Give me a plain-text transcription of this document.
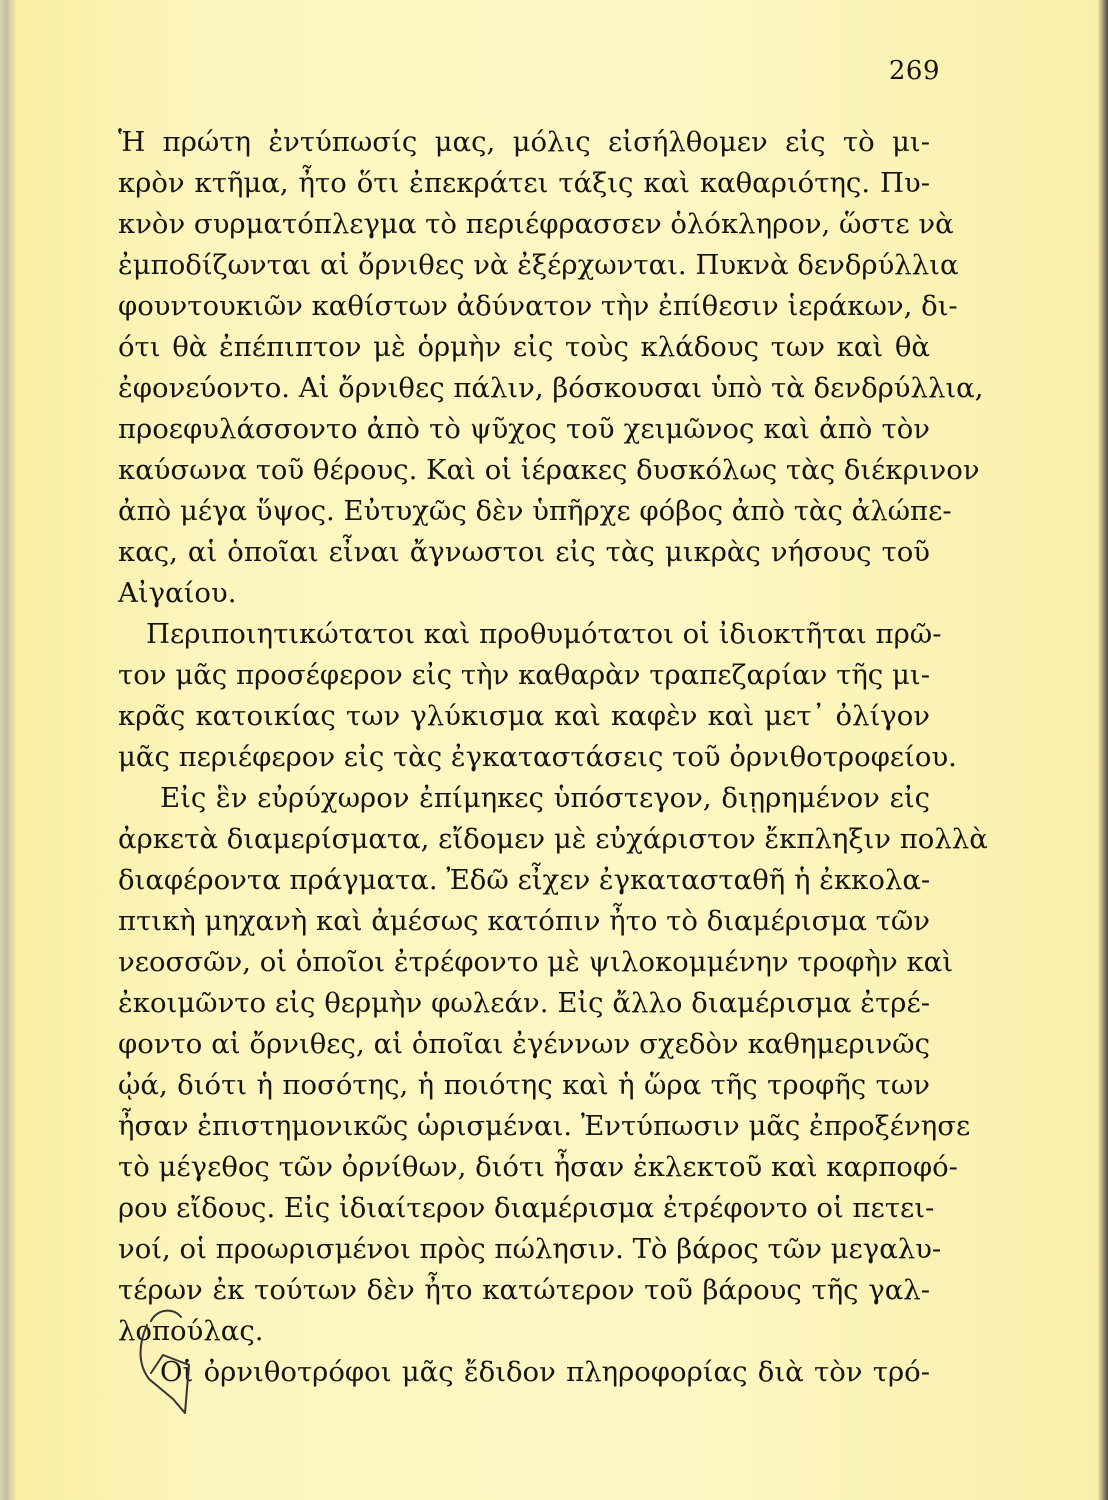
269
Ἡ πρώτη ἐντύπωσίς μας, μόλις εἰσήλθομεν εἰς τὸ μι-
κρὸν κτῆμα, ἦτο ὅτι ἐπεκράτει τάξις καὶ καθαριότης. Πυ-
κνὸν συρματόπλεγμα τὸ περιέφρασσεν ὁλόκληρον, ὥστε νὰ
ἐμποδίζωνται αἱ ὄρνιθες νὰ ἐξέρχωνται. Πυκνὰ δενδρύλλια
φουντουκιῶν καθίστων ἀδύνατον τὴν ἐπίθεσιν ἱεράκων, δι-
ότι θὰ ἐπέπιπτον μὲ ὁρμὴν εἰς τοὺς κλάδους των καὶ θὰ
ἐφονεύοντο. Αἱ ὄρνιθες πάλιν, βόσκουσαι ὑπὸ τὰ δενδρύλλια,
προεφυλάσσοντο ἀπὸ τὸ ψῦχος τοῦ χειμῶνος καὶ ἀπὸ τὸν
καύσωνα τοῦ θέρους. Καὶ οἱ ἱέρακες δυσκόλως τὰς διέκρινον
ἀπὸ μέγα ὕψος. Εὐτυχῶς δὲν ὑπῆρχε φόβος ἀπὸ τὰς ἀλώπε-
κας, αἱ ὁποῖαι εἶναι ἄγνωστοι εἰς τὰς μικρὰς νήσους τοῦ
Αἰγαίου.
Περιποιητικώτατοι καὶ προθυμότατοι οἱ ἰδιοκτῆται πρῶ-
τον μᾶς προσέφερον εἰς τὴν καθαρὰν τραπεζαρίαν τῆς μι-
κρᾶς κατοικίας των γλύκισμα καὶ καφὲν καὶ μετ᾽ ὀλίγον
μᾶς περιέφερον εἰς τὰς ἐγκαταστάσεις τοῦ ὀρνιθοτροφείου.
Εἰς ἓν εὐρύχωρον ἐπίμηκες ὑπόστεγον, διῃρημένον εἰς
ἀρκετὰ διαμερίσματα, εἴδομεν μὲ εὐχάριστον ἔκπληξιν πολλὰ
διαφέροντα πράγματα. Ἐδῶ εἶχεν ἐγκατασταθῆ ἡ ἐκκολα-
πτικὴ μηχανὴ καὶ ἀμέσως κατόπιν ἦτο τὸ διαμέρισμα τῶν
νεοσσῶν, οἱ ὁποῖοι ἐτρέφοντο μὲ ψιλοκομμένην τροφὴν καὶ
ἐκοιμῶντο εἰς θερμὴν φωλεάν. Εἰς ἄλλο διαμέρισμα ἐτρέ-
φοντο αἱ ὄρνιθες, αἱ ὁποῖαι ἐγέννων σχεδὸν καθημερινῶς
ᾠά, διότι ἡ ποσότης, ἡ ποιότης καὶ ἡ ὥρα τῆς τροφῆς των
ἦσαν ἐπιστημονικῶς ὡρισμέναι. Ἐντύπωσιν μᾶς ἐπροξένησε
τὸ μέγεθος τῶν ὀρνίθων, διότι ἦσαν ἐκλεκτοῦ καὶ καρποφό-
ρου εἴδους. Εἰς ἰδιαίτερον διαμέρισμα ἐτρέφοντο οἱ πετει-
νοί, οἱ προωρισμένοι πρὸς πώλησιν. Τὸ βάρος τῶν μεγαλυ-
τέρων ἐκ τούτων δὲν ἦτο κατώτερον τοῦ βάρους τῆς γαλ-
λοπούλας.
Οἱ ὀρνιθοτρόφοι μᾶς ἔδιδον πληροφορίας διὰ τὸν τρό-
